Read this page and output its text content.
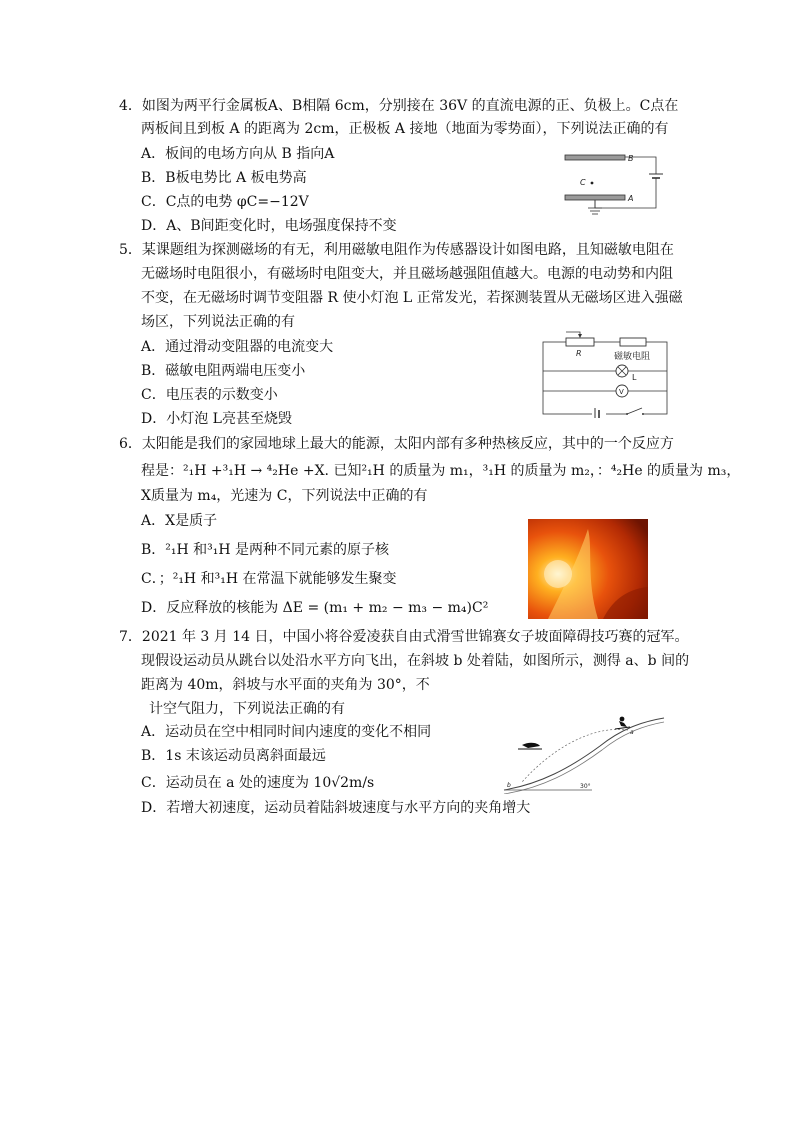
4．如图为两平行金属板A、B相隔 6cm，分别接在 36V 的直流电源的正、负极上。C点在
两板间且到板 A 的距离为 2cm，正极板 A 接地（地面为零势面），下列说法正确的有
A．板间的电场方向从 B 指向A
B．B板电势比 A 板电势高
C．C点的电势 φC=−12V
D．A、B间距变化时，电场强度保持不变
B
A
C
5．某课题组为探测磁场的有无，利用磁敏电阻作为传感器设计如图电路，且知磁敏电阻在
无磁场时电阻很小，有磁场时电阻变大，并且磁场越强阻值越大。电源的电动势和内阻
不变，在无磁场时调节变阻器 R 使小灯泡 L 正常发光，若探测装置从无磁场区进入强磁
场区，下列说法正确的有
A．通过滑动变阻器的电流变大
B．磁敏电阻两端电压变小
C．电压表的示数变小
D．小灯泡 L亮甚至烧毁
R	磁敏电阻
L
V
6．太阳能是我们的家园地球上最大的能源，太阳内部有多种热核反应，其中的一个反应方
程是：²₁H +³₁H → ⁴₂He +X. 已知²₁H 的质量为 m₁，³₁H 的质量为 m₂，：⁴₂He 的质量为 m₃，
X质量为 m₄，光速为 C，下列说法中正确的有
A．X是质子
B．²₁H 和³₁H 是两种不同元素的原子核
C．；²₁H 和³₁H 在常温下就能够发生聚变
D．反应释放的核能为 ΔE = (m₁ + m₂ − m₃ − m₄)C²
7．2021 年 3 月 14 日，中国小将谷爱凌获自由式滑雪世锦赛女子坡面障碍技巧赛的冠军。
现假设运动员从跳台以处沿水平方向飞出，在斜坡 b 处着陆，如图所示，测得 a、b 间的
距离为 40m，斜坡与水平面的夹角为 30°，不
计空气阻力，下列说法正确的有
A．运动员在空中相同时间内速度的变化不相同
B．1s 末该运动员离斜面最远
C．运动员在 a 处的速度为 10√2m/s
D．若增大初速度，运动员着陆斜坡速度与水平方向的夹角增大
a
b	30°
